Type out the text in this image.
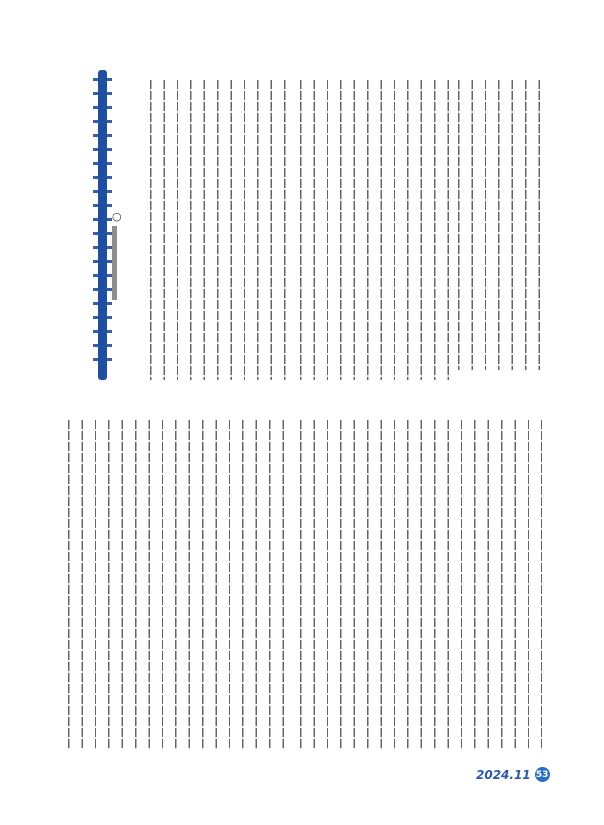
○
2024.11 53
